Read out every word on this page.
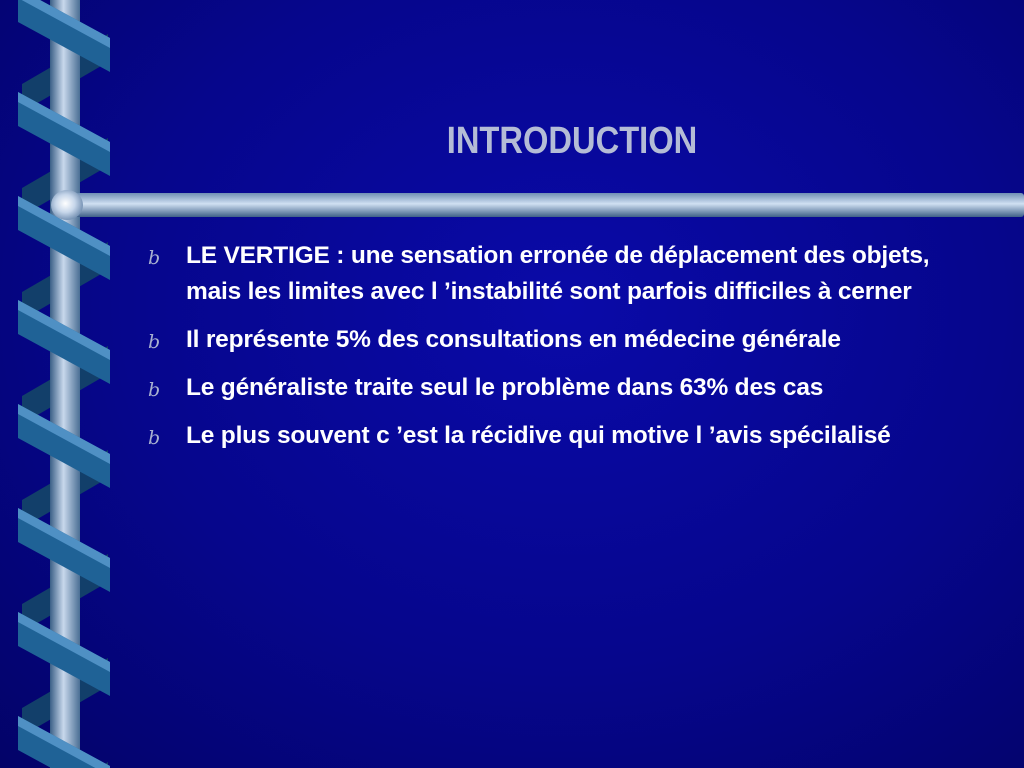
INTRODUCTION
b LE VERTIGE : une sensation erronée de déplacement des objets, mais les limites avec l ’instabilité sont parfois difficiles à cerner
b Il représente 5% des consultations en médecine générale
b Le généraliste traite seul le problème dans 63% des cas
b Le plus souvent c ’est la récidive qui motive l ’avis spécilalisé
